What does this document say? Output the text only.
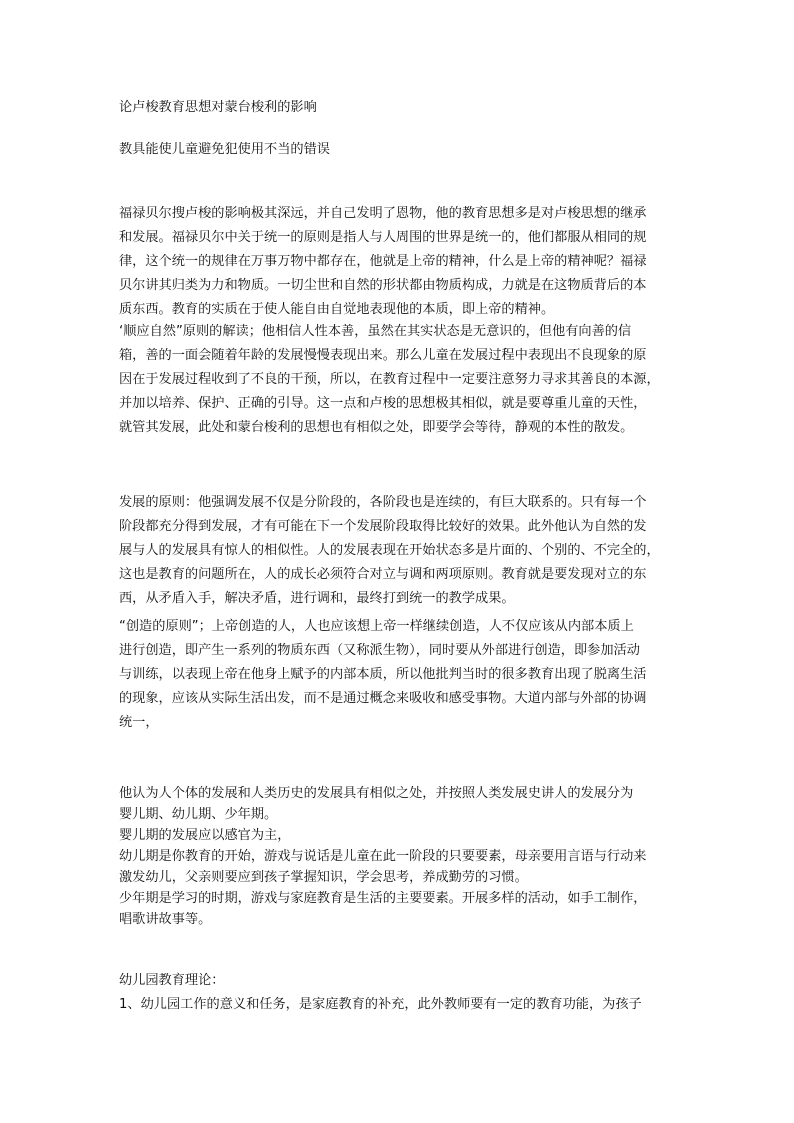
论卢梭教育思想对蒙台梭利的影响
教具能使儿童避免犯使用不当的错误
福禄贝尔搜卢梭的影响极其深远，并自己发明了恩物，他的教育思想多是对卢梭思想的继承
和发展。福禄贝尔中关于统一的原则是指人与人周围的世界是统一的，他们都服从相同的规
律，这个统一的规律在万事万物中都存在，他就是上帝的精神，什么是上帝的精神呢？福禄
贝尔讲其归类为力和物质。一切尘世和自然的形状都由物质构成，力就是在这物质背后的本
质东西。教育的实质在于使人能自由自觉地表现他的本质，即上帝的精神。
‘顺应自然”原则的解读；他相信人性本善，虽然在其实状态是无意识的，但他有向善的信
箱，善的一面会随着年龄的发展慢慢表现出来。那么儿童在发展过程中表现出不良现象的原
因在于发展过程收到了不良的干预，所以，在教育过程中一定要注意努力寻求其善良的本源，
并加以培养、保护、正确的引导。这一点和卢梭的思想极其相似，就是要尊重儿童的天性，
就管其发展，此处和蒙台梭利的思想也有相似之处，即要学会等待，静观的本性的散发。
发展的原则：他强调发展不仅是分阶段的，各阶段也是连续的，有巨大联系的。只有每一个
阶段都充分得到发展，才有可能在下一个发展阶段取得比较好的效果。此外他认为自然的发
展与人的发展具有惊人的相似性。人的发展表现在开始状态多是片面的、个别的、不完全的，
这也是教育的问题所在，人的成长必须符合对立与调和两项原则。教育就是要发现对立的东
西，从矛盾入手，解决矛盾，进行调和，最终打到统一的教学成果。
“创造的原则”；上帝创造的人，人也应该想上帝一样继续创造，人不仅应该从内部本质上
进行创造，即产生一系列的物质东西（又称派生物），同时要从外部进行创造，即参加活动
与训练，以表现上帝在他身上赋予的内部本质，所以他批判当时的很多教育出现了脱离生活
的现象，应该从实际生活出发，而不是通过概念来吸收和感受事物。大道内部与外部的协调
统一，
他认为人个体的发展和人类历史的发展具有相似之处，并按照人类发展史讲人的发展分为
婴儿期、幼儿期、少年期。
婴儿期的发展应以感官为主，
幼儿期是你教育的开始，游戏与说话是儿童在此一阶段的只要要素，母亲要用言语与行动来
激发幼儿，父亲则要应到孩子掌握知识，学会思考，养成勤劳的习惯。
少年期是学习的时期，游戏与家庭教育是生活的主要要素。开展多样的活动，如手工制作，
唱歌讲故事等。
幼儿园教育理论：
1、幼儿园工作的意义和任务，是家庭教育的补充，此外教师要有一定的教育功能，为孩子
